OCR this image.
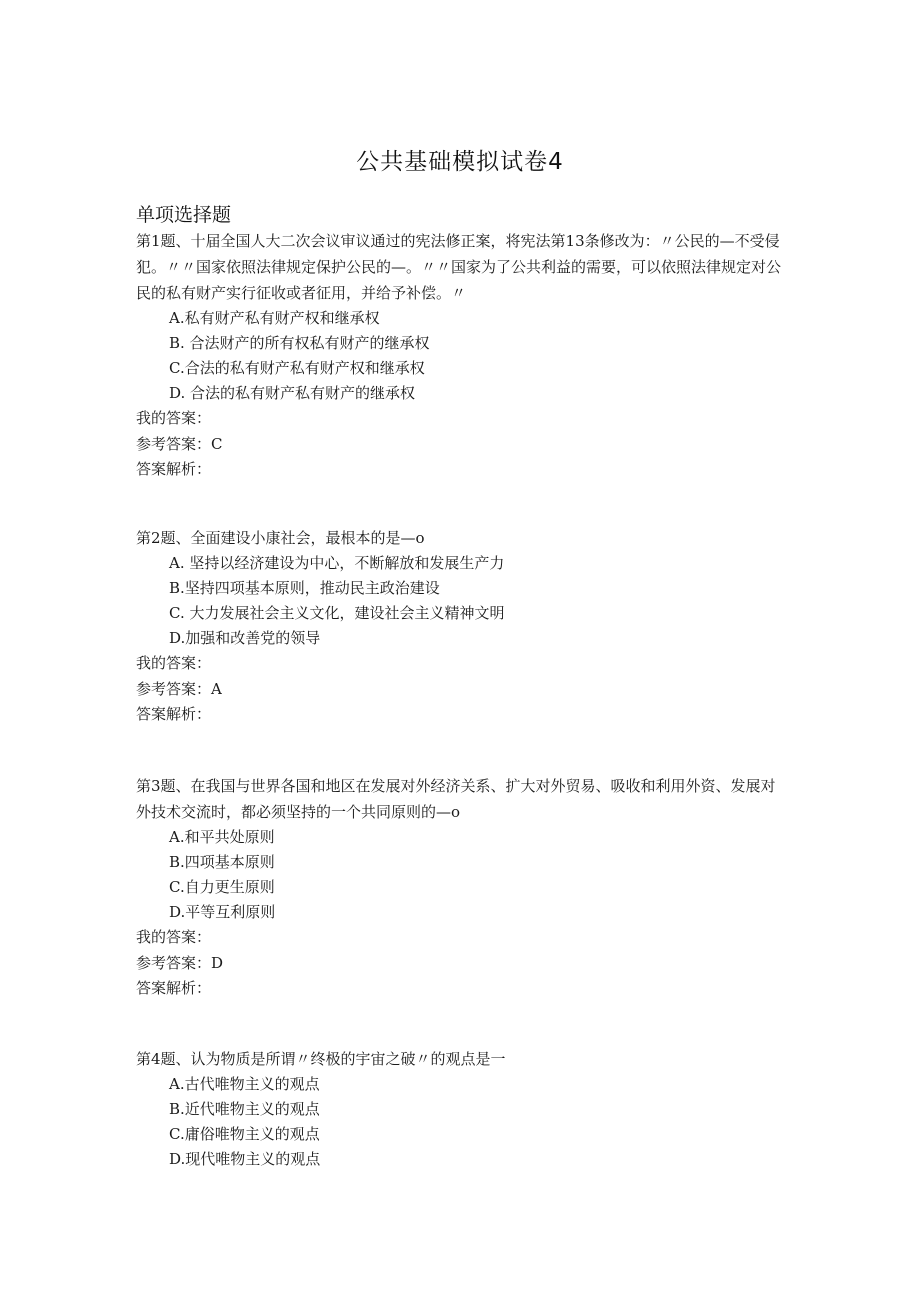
公共基础模拟试卷4
单项选择题

第1题、十届全国人大二次会议审议通过的宪法修正案，将宪法第13条修改为：〃公民的—不受侵犯。〃〃国家依照法律规定保护公民的—。〃〃国家为了公共利益的需要，可以依照法律规定对公民的私有财产实行征收或者征用，并给予补偿。〃

A.私有财产私有财产权和继承权
B. 合法财产的所有权私有财产的继承权
C.合法的私有财产私有财产权和继承权
D. 合法的私有财产私有财产的继承权

我的答案：

参考答案：C

答案解析：

第2题、全面建设小康社会，最根本的是—o

A. 坚持以经济建设为中心，不断解放和发展生产力
B.坚持四项基本原则，推动民主政治建设
C. 大力发展社会主义文化，建设社会主义精神文明
D.加强和改善党的领导

我的答案：

参考答案：A

答案解析：

第3题、在我国与世界各国和地区在发展对外经济关系、扩大对外贸易、吸收和利用外资、发展对外技术交流时，都必须坚持的一个共同原则的—o

A.和平共处原则
B.四项基本原则
C.自力更生原则
D.平等互利原则

我的答案：

参考答案：D

答案解析：

第4题、认为物质是所谓〃终极的宇宙之破〃的观点是一

A.古代唯物主义的观点
B.近代唯物主义的观点
C.庸俗唯物主义的观点
D.现代唯物主义的观点
